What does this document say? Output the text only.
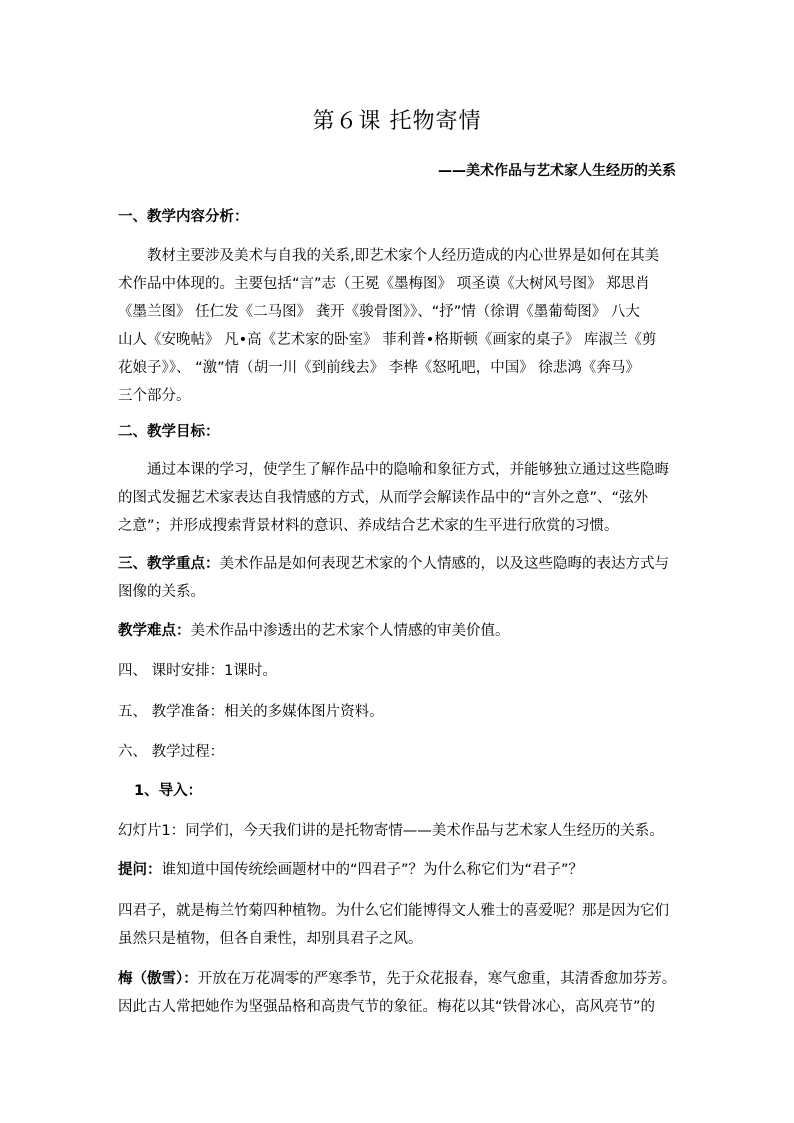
第６课 托物寄情
——美术作品与艺术家人生经历的关系
一、教学内容分析：
教材主要涉及美术与自我的关系,即艺术家个人经历造成的内心世界是如何在其美
术作品中体现的。主要包括“言”志（王冕《墨梅图》 项圣谟《大树风号图》 郑思肖
《墨兰图》 任仁发《二马图》 龚开《骏骨图》》、“抒”情（徐谓《墨葡萄图》 八大
山人《安晚帖》 凡•高《艺术家的卧室》 菲利普•格斯顿《画家的桌子》 库淑兰《剪
花娘子》》、 “激”情（胡一川《到前线去》 李桦《怒吼吧，中国》 徐悲鸿《奔马》
三个部分。
二、教学目标：
通过本课的学习，使学生了解作品中的隐喻和象征方式，并能够独立通过这些隐晦
的图式发掘艺术家表达自我情感的方式，从而学会解读作品中的“言外之意”、“弦外
之意”；并形成搜索背景材料的意识、养成结合艺术家的生平进行欣赏的习惯。
三、教学重点：美术作品是如何表现艺术家的个人情感的，以及这些隐晦的表达方式与
图像的关系。
教学难点：美术作品中渗透出的艺术家个人情感的审美价值。
四、 课时安排：1课时。
五、 教学准备：相关的多媒体图片资料。
六、 教学过程：
1、导入：
幻灯片1：同学们，今天我们讲的是托物寄情——美术作品与艺术家人生经历的关系。
提问：谁知道中国传统绘画题材中的“四君子”？为什么称它们为“君子”？
四君子，就是梅兰竹菊四种植物。为什么它们能博得文人雅士的喜爱呢？那是因为它们
虽然只是植物，但各自秉性，却别具君子之风。
梅（傲雪）：开放在万花凋零的严寒季节，先于众花报春，寒气愈重，其清香愈加芬芳。
因此古人常把她作为坚强品格和高贵气节的象征。梅花以其“铁骨冰心，高风亮节”的
